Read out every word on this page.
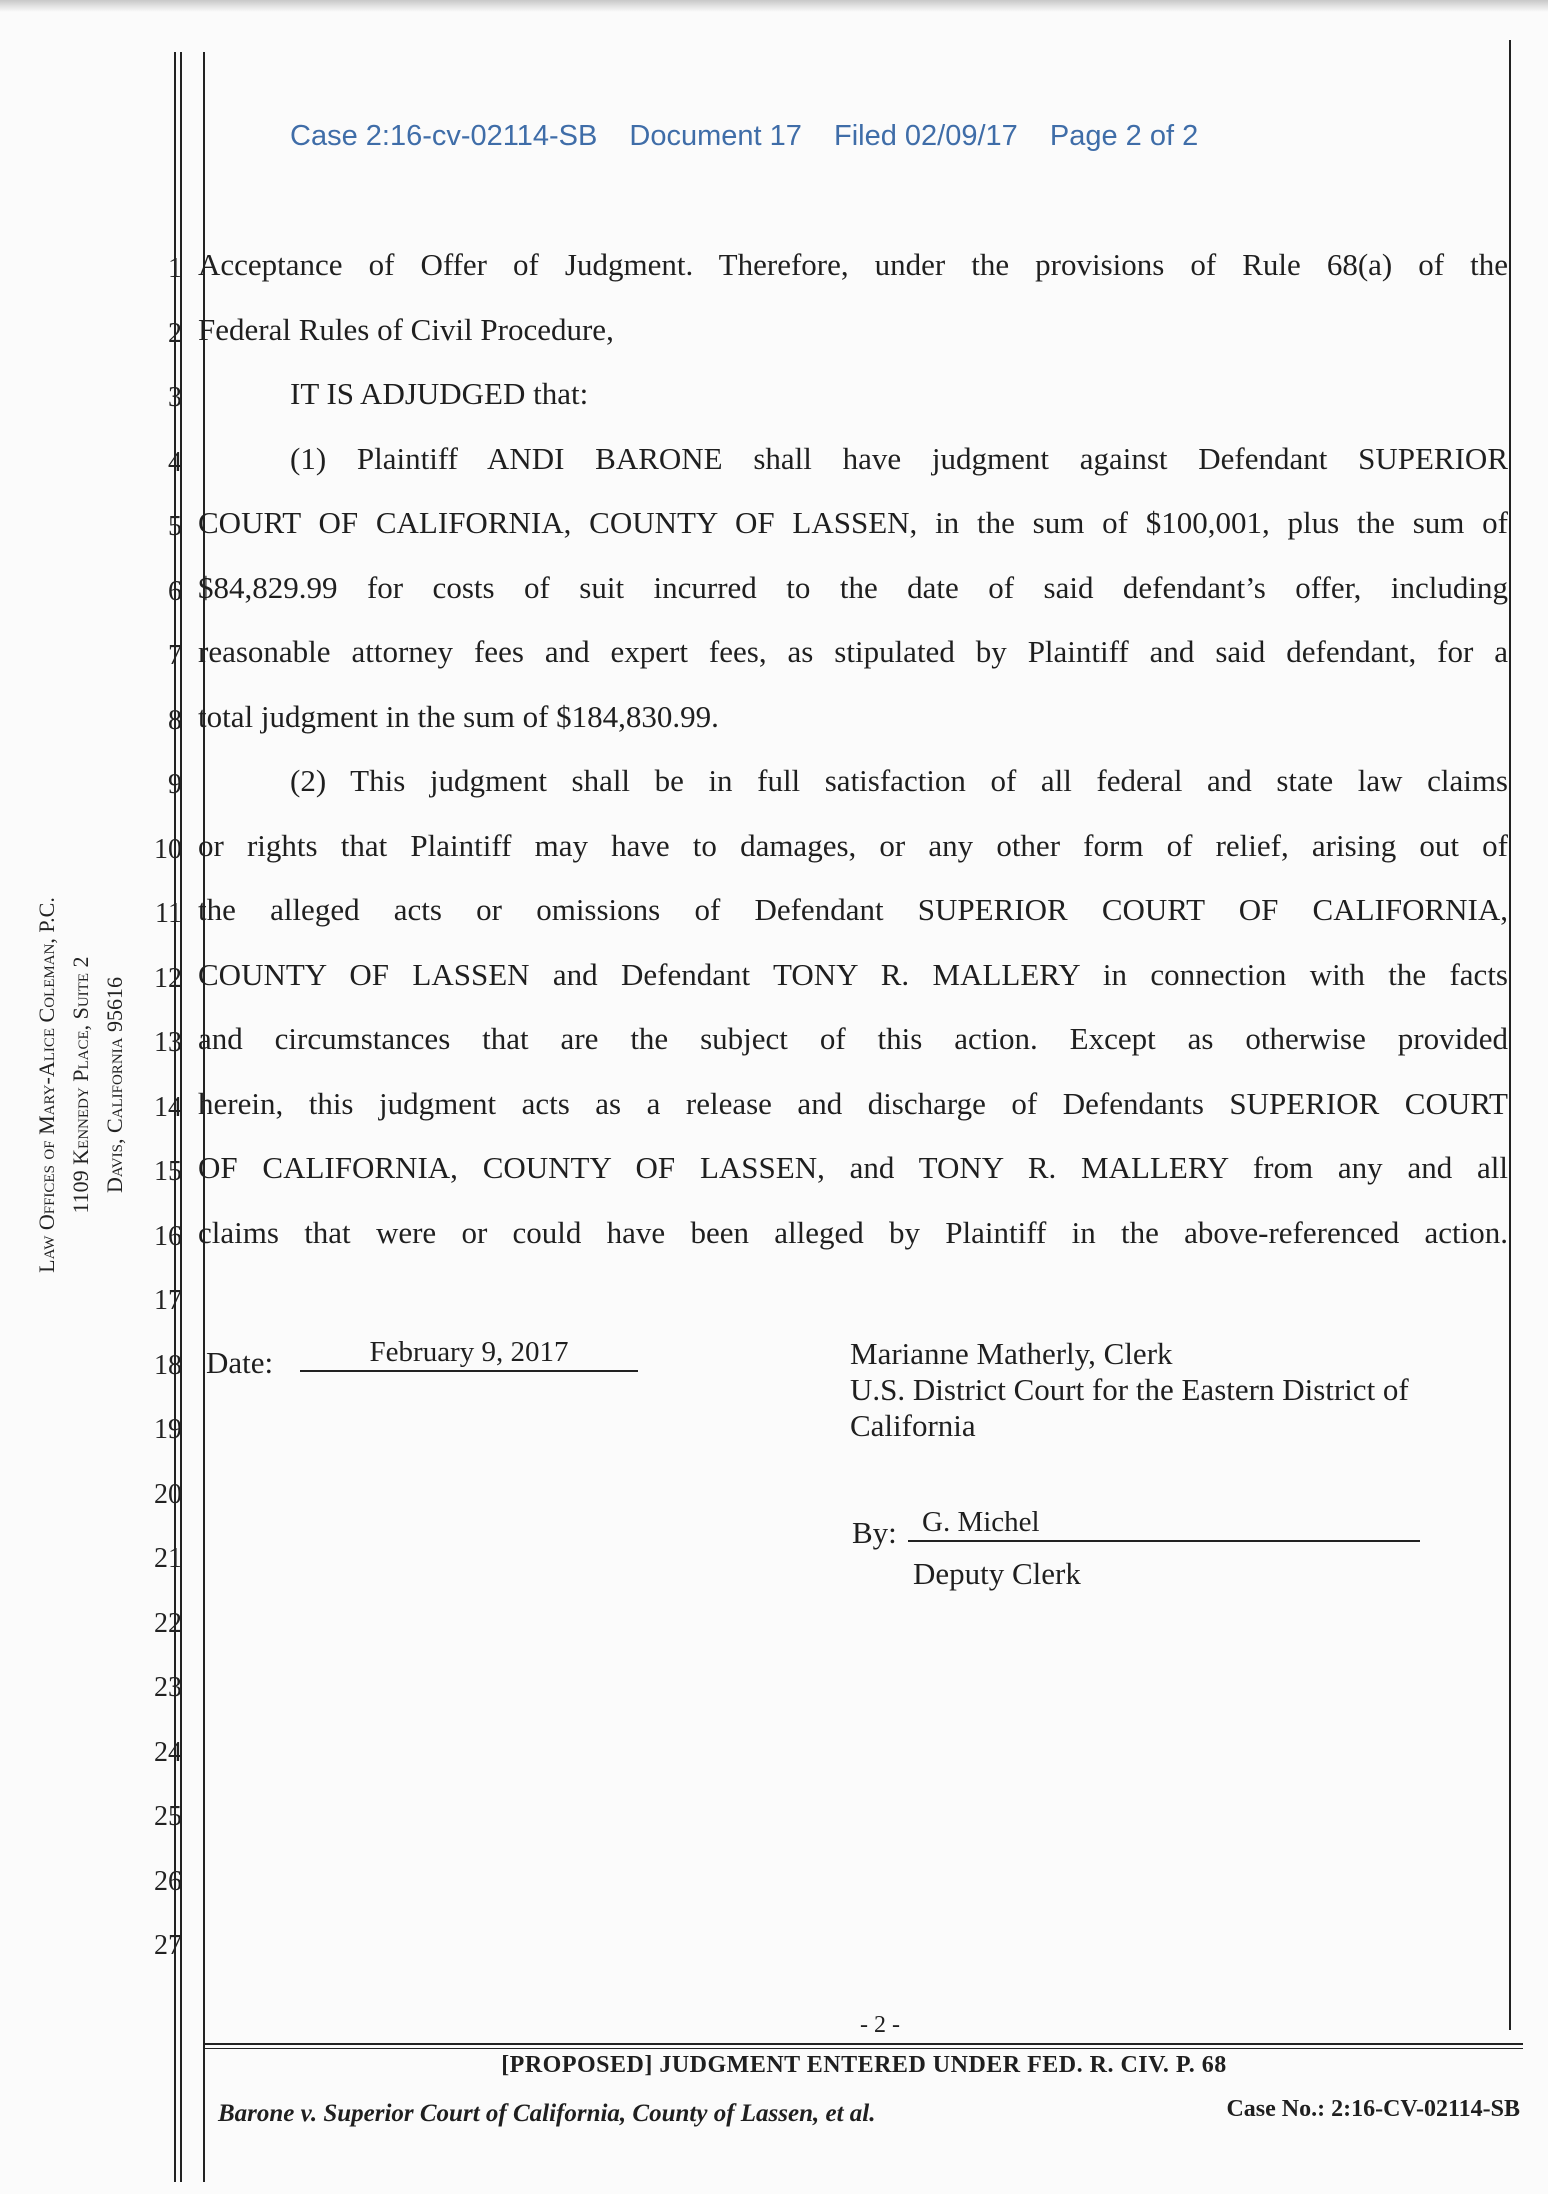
Case 2:16-cv-02114-SB Document 17 Filed 02/09/17 Page 2 of 2
Law Offices of Mary-Alice Coleman, P.C. 1109 Kennedy Place, Suite 2 Davis, California 95616
1
2
3
4
5
6
7
8
9
10
11
12
13
14
15
16
17
18
19
20
21
22
23
24
25
26
27
Acceptance of Offer of Judgment. Therefore, under the provisions of Rule 68(a) of the
Federal Rules of Civil Procedure,
IT IS ADJUDGED that:
(1) Plaintiff ANDI BARONE shall have judgment against Defendant SUPERIOR
COURT OF CALIFORNIA, COUNTY OF LASSEN, in the sum of $100,001, plus the sum of
$84,829.99 for costs of suit incurred to the date of said defendant’s offer, including
reasonable attorney fees and expert fees, as stipulated by Plaintiff and said defendant, for a
total judgment in the sum of $184,830.99.
(2) This judgment shall be in full satisfaction of all federal and state law claims
or rights that Plaintiff may have to damages, or any other form of relief, arising out of
the alleged acts or omissions of Defendant SUPERIOR COURT OF CALIFORNIA,
COUNTY OF LASSEN and Defendant TONY R. MALLERY in connection with the facts
and circumstances that are the subject of this action. Except as otherwise provided
herein, this judgment acts as a release and discharge of Defendants SUPERIOR COURT
OF CALIFORNIA, COUNTY OF LASSEN, and TONY R. MALLERY from any and all
claims that were or could have been alleged by Plaintiff in the above-referenced action.
Date:	February 9, 2017	Marianne Matherly, Clerk
U.S. District Court for the Eastern District of
California
By: G. Michel
Deputy Clerk
- 2 -
[PROPOSED] JUDGMENT ENTERED UNDER FED. R. CIV. P. 68
Barone v. Superior Court of California, County of Lassen, et al.	Case No.: 2:16-CV-02114-SB
